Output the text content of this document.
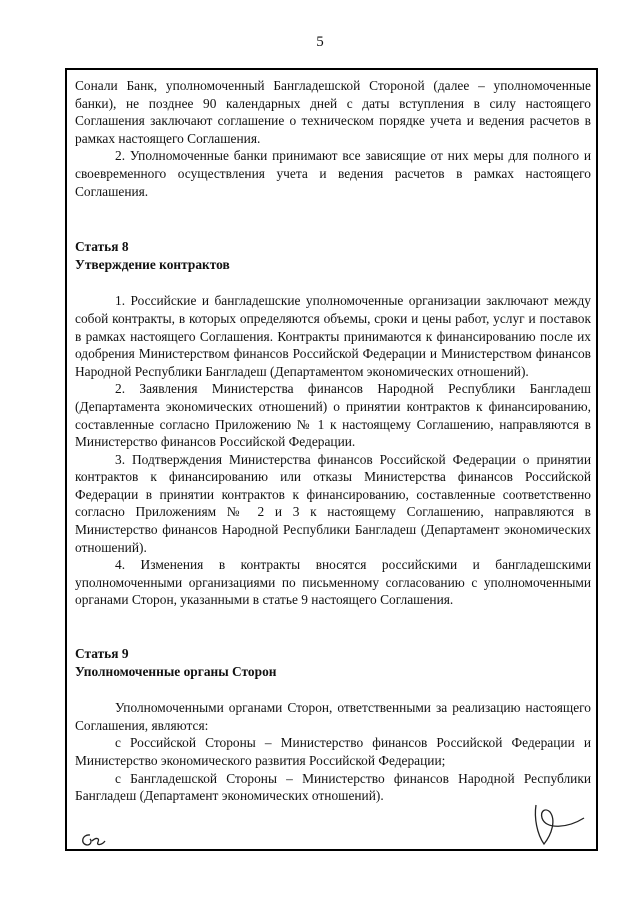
5

Сонали Банк, уполномоченный Бангладешской Стороной (далее – уполномоченные банки), не позднее 90 календарных дней с даты вступления в силу настоящего Соглашения заключают соглашение о техническом порядке учета и ведения расчетов в рамках настоящего Соглашения.

2. Уполномоченные банки принимают все зависящие от них меры для полного и своевременного осуществления учета и ведения расчетов в рамках настоящего Соглашения.

Статья 8

Утверждение контрактов

1. Российские и бангладешские уполномоченные организации заключают между собой контракты, в которых определяются объемы, сроки и цены работ, услуг и поставок в рамках настоящего Соглашения. Контракты принимаются к финансированию после их одобрения Министерством финансов Российской Федерации и Министерством финансов Народной Республики Бангладеш (Департаментом экономических отношений).

2. Заявления Министерства финансов Народной Республики Бангладеш (Департамента экономических отношений) о принятии контрактов к финансированию, составленные согласно Приложению № 1 к настоящему Соглашению, направляются в Министерство финансов Российской Федерации.

3. Подтверждения Министерства финансов Российской Федерации о принятии контрактов к финансированию или отказы Министерства финансов Российской Федерации в принятии контрактов к финансированию, составленные соответственно согласно Приложениям № 2 и 3 к настоящему Соглашению, направляются в Министерство финансов Народной Республики Бангладеш (Департамент экономических отношений).

4. Изменения в контракты вносятся российскими и бангладешскими уполномоченными организациями по письменному согласованию с уполномоченными органами Сторон, указанными в статье 9 настоящего Соглашения.

Статья 9

Уполномоченные органы Сторон

Уполномоченными органами Сторон, ответственными за реализацию настоящего Соглашения, являются:

с Российской Стороны – Министерство финансов Российской Федерации и Министерство экономического развития Российской Федерации;

с Бангладешской Стороны – Министерство финансов Народной Республики Бангладеш (Департамент экономических отношений).
